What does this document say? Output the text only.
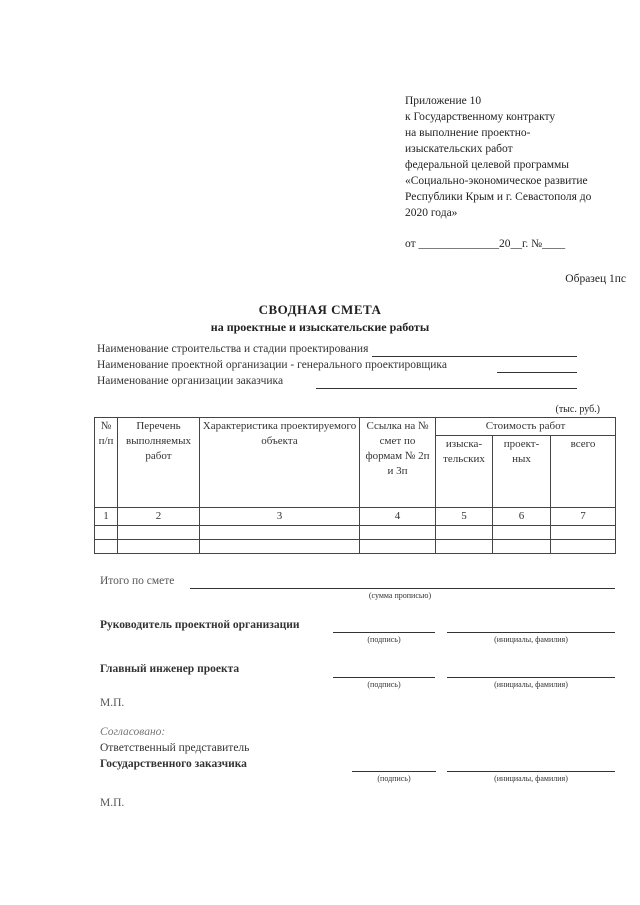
Приложение 10
к Государственному контракту
на выполнение проектно-
изыскательских работ
федеральной целевой программы
«Социально-экономическое развитие
Республики Крым и г. Севастополя до
2020 года»
от ______________20__г. №____
Образец 1пс
СВОДНАЯ СМЕТА
на проектные и изыскательские работы
Наименование строительства и стадии проектирования
Наименование проектной организации - генерального проектировщика
Наименование организации заказчика
(тыс. руб.)
№ п/п	Перечень выполняемых работ	Характеристика проектируемого объекта	Ссылка на № смет по формам № 2п и 3п	Стоимость работ		
				изыска-тельских	проект-ных	всего
1	2	3	4	5	6	7

Итого по смете
(сумма прописью)
Руководитель проектной организации
(подпись)	(инициалы, фамилия)
Главный инженер проекта
(подпись)	(инициалы, фамилия)
М.П.
Согласовано:
Ответственный представитель
Государственного заказчика
(подпись)	(инициалы, фамилия)
М.П.
